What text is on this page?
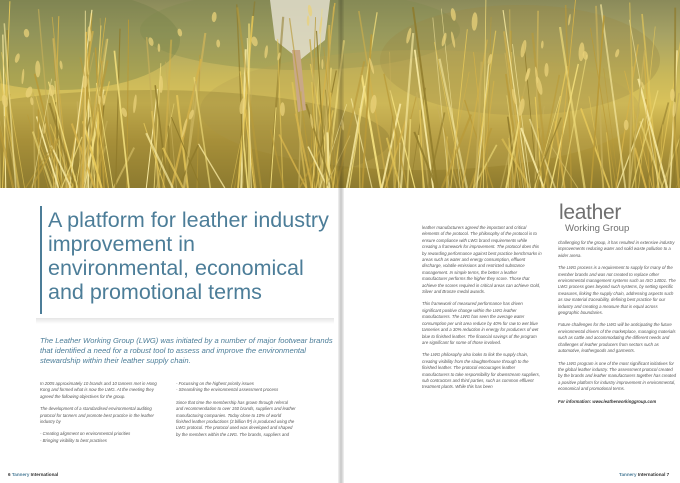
A platform for leather industry improvement in environmental, economical and promotional terms

The Leather Working Group (LWG) was initiated by a number of major footwear brands that identified a need for a robust tool to assess and improve the environmental stewardship within their leather supply chain.

In 2005 approximately 10 brands and 10 tanners met in Hong Kong and formed what is now the LWG. At the meeting they agreed the following objectives for the group.

The development of a standardised environmental auditing protocol for tanners and promote best practice in the leather industry by

- Creating alignment on environmental priorities
- Bringing visibility to best practises
- Focussing on the highest priority issues
- Streamlining the environmental assessment process

Since that time the membership has grown through referral and recommendation to over 150 brands, suppliers and leather manufacturing companies. Today close to 10% of world finished leather productions (3 billion ft²) is produced using the LWG protocol. The protocol used was developed and shaped by the members within the LWG. The brands, suppliers and

leather
Working Group

leather manufacturers agreed the important and critical elements of the protocol. The philosophy of the protocol is to ensure compliance with LWG brand requirements while creating a framework for improvement. The protocol does this by rewarding performance against best practice benchmarks in areas such as water and energy consumption, effluent discharge, volatile emissions and restricted substance management. In simple terms, the better a leather manufacturer performs the higher they score. Those that achieve the scores required in critical areas can achieve Gold, Silver and Bronze medal awards.

This framework of measured performance has driven significant positive change within the LWG leather manufacturers. The LWG has seen the average water consumption per unit area reduce by 40% for raw to wet blue tanneries and a 30% reduction in energy for producers of wet blue to finished leather. The financial savings of the program are significant for some of those involved.

The LWG philosophy also looks to link the supply chain, creating visibility from the slaughterhouse through to the finished leather. The protocol encourages leather manufacturers to take responsibility for downstream suppliers, sub contractors and third parties, such as common effluent treatment plants. While this has been

challenging for the group, it has resulted in extensive industry improvements reducing water and solid waste pollution to a wider arena.

The LWG process is a requirement to supply for many of the member brands and was not created to replace other environmental management systems such as ISO 14001. The LWG process goes beyond such systems, by setting specific measures, linking the supply chain, addressing aspects such as raw material traceability, defining best practice for our industry and creating a measure that is equal across geographic boundaries.

Future challenges for the LWG will be anticipating the future environmental drivers of the marketplace, managing materials such as cattle and accommodating the different needs and challenges of leather producers from sectors such as automotive, leathergoods and garments.

The LWG program is one of the most significant initiatives for the global leather industry. The assessment protocol created by the brands and leather manufacturers together has created a positive platform for industry improvement in environmental, economical and promotional terms.

For information: www.leatherworkinggroup.com

6 Tannery International	Tannery International 7
